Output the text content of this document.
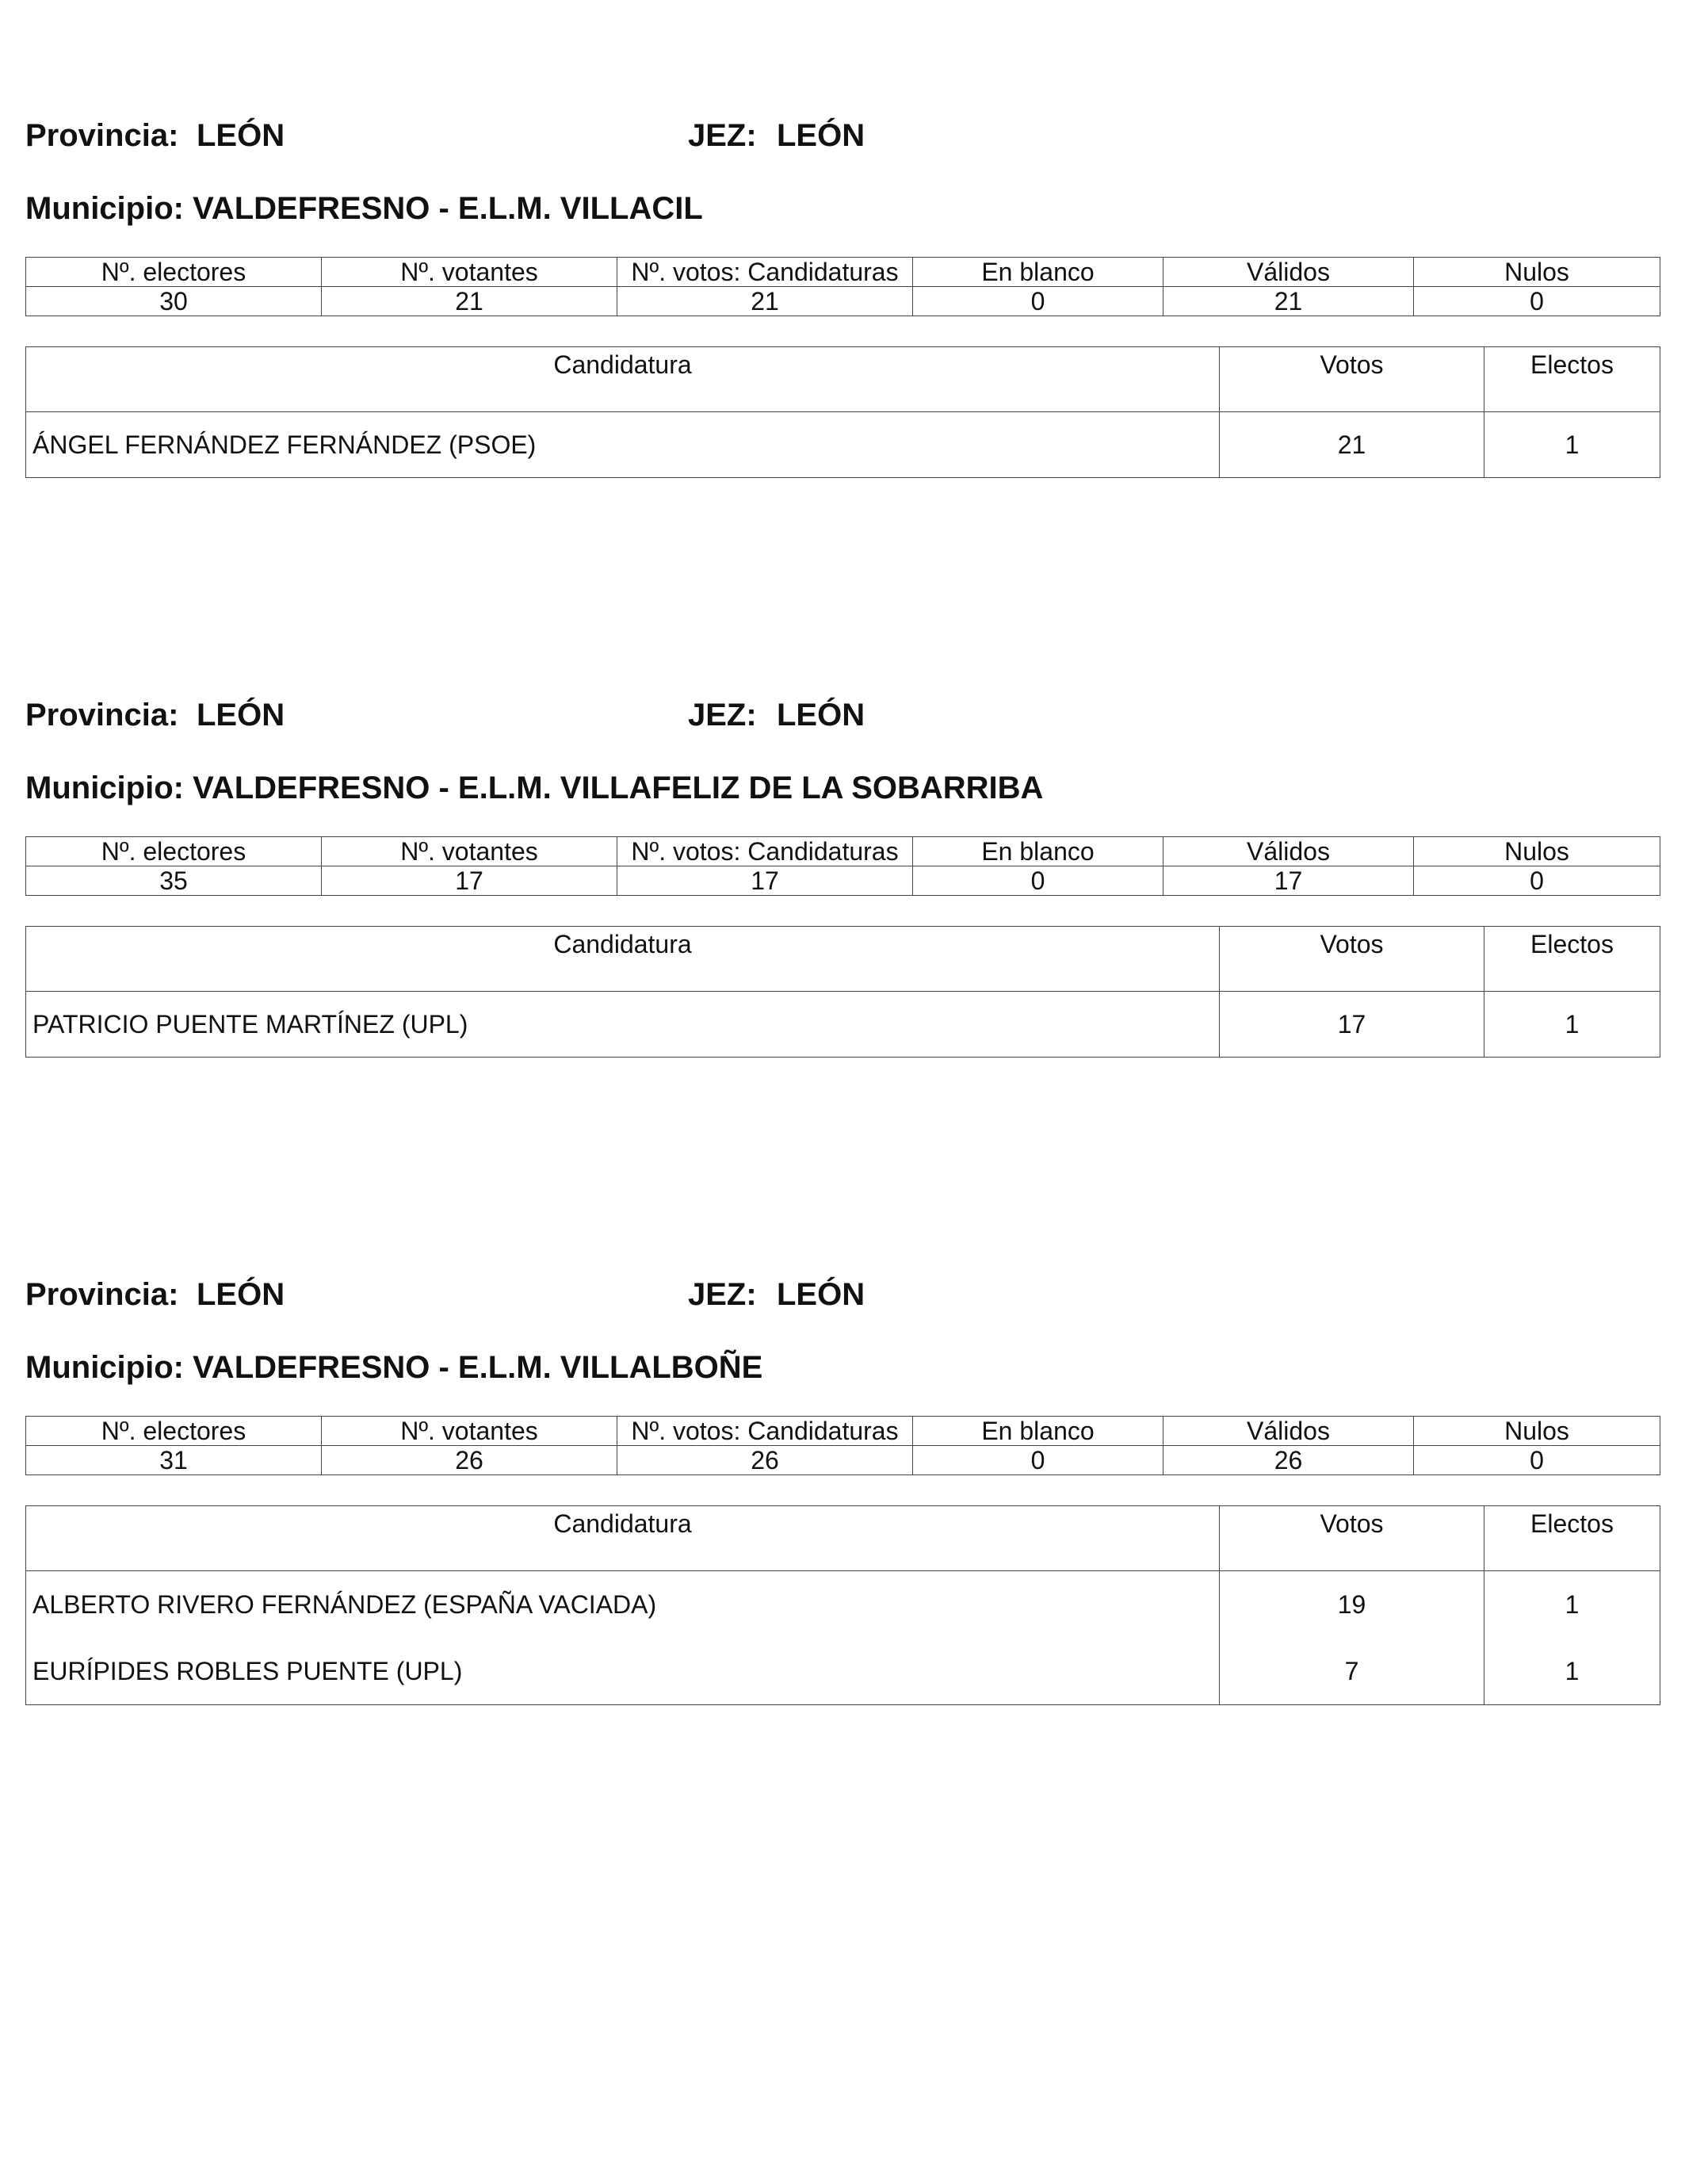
Provincia: LEÓN	JEZ: LEÓN
Municipio: VALDEFRESNO - E.L.M. VILLACIL
Nº. electores	Nº. votantes	Nº. votos: Candidaturas	En blanco	Válidos	Nulos
30	21	21	0	21	0
Candidatura	Votos	Electos
ÁNGEL FERNÁNDEZ FERNÁNDEZ (PSOE)	21	1
Provincia: LEÓN	JEZ: LEÓN
Municipio: VALDEFRESNO - E.L.M. VILLAFELIZ DE LA SOBARRIBA
Nº. electores	Nº. votantes	Nº. votos: Candidaturas	En blanco	Válidos	Nulos
35	17	17	0	17	0
Candidatura	Votos	Electos
PATRICIO PUENTE MARTÍNEZ (UPL)	17	1
Provincia: LEÓN	JEZ: LEÓN
Municipio: VALDEFRESNO - E.L.M. VILLALBOÑE
Nº. electores	Nº. votantes	Nº. votos: Candidaturas	En blanco	Válidos	Nulos
31	26	26	0	26	0
Candidatura	Votos	Electos
ALBERTO RIVERO FERNÁNDEZ (ESPAÑA VACIADA)	19	1
EURÍPIDES ROBLES PUENTE (UPL)	7	1
